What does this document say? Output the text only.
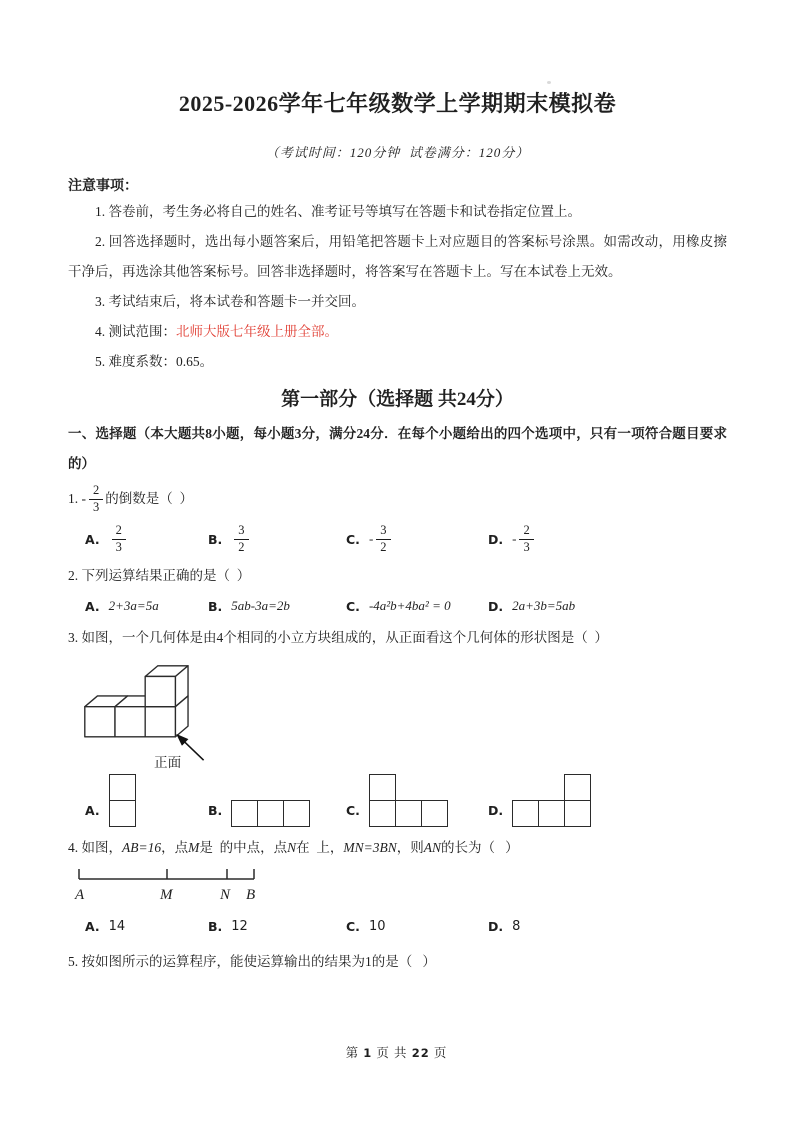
2025-2026学年七年级数学上学期期末模拟卷
（考试时间：120分钟  试卷满分：120分）
注意事项：

1. 答卷前，考生务必将自己的姓名、准考证号等填写在答题卡和试卷指定位置上。

2. 回答选择题时，选出每小题答案后，用铅笔把答题卡上对应题目的答案标号涂黑。如需改动，用橡皮擦干净后，再选涂其他答案标号。回答非选择题时，将答案写在答题卡上。写在本试卷上无效。

3. 考试结束后，将本试卷和答题卡一并交回。

4. 测试范围：北师大版七年级上册全部。

5. 难度系数：0.65。

第一部分（选择题 共24分）

一、选择题（本大题共8小题，每小题3分，满分24分．在每个小题给出的四个选项中，只有一项符合题目要求的）

1. - $\frac{2}{3}$ 的倒数是（  ）
A. $\frac{2}{3}$	B. $\frac{3}{2}$	C. - $\frac{3}{2}$	D. - $\frac{2}{3}$

2. 下列运算结果正确的是（  ）

A. 2+3a=5a	B. 5ab-3a=2b	C. -4a²b+4ba² = 0	D. 2a+3b=5ab

3. 如图，一个几何体是由4个相同的小立方块组成的，从正面看这个几何体的形状图是（  ）

正面
A.	B.	C.	D.

4. 如图，AB=16，点M是  的中点，点N在  上，MN=3BN，则AN的长为（   ）

A	M	N B
A. 14	B. 12	C. 10	D. 8

5. 按如图所示的运算程序，能使运算输出的结果为1的是（   ）

第 1 页 共 22 页
